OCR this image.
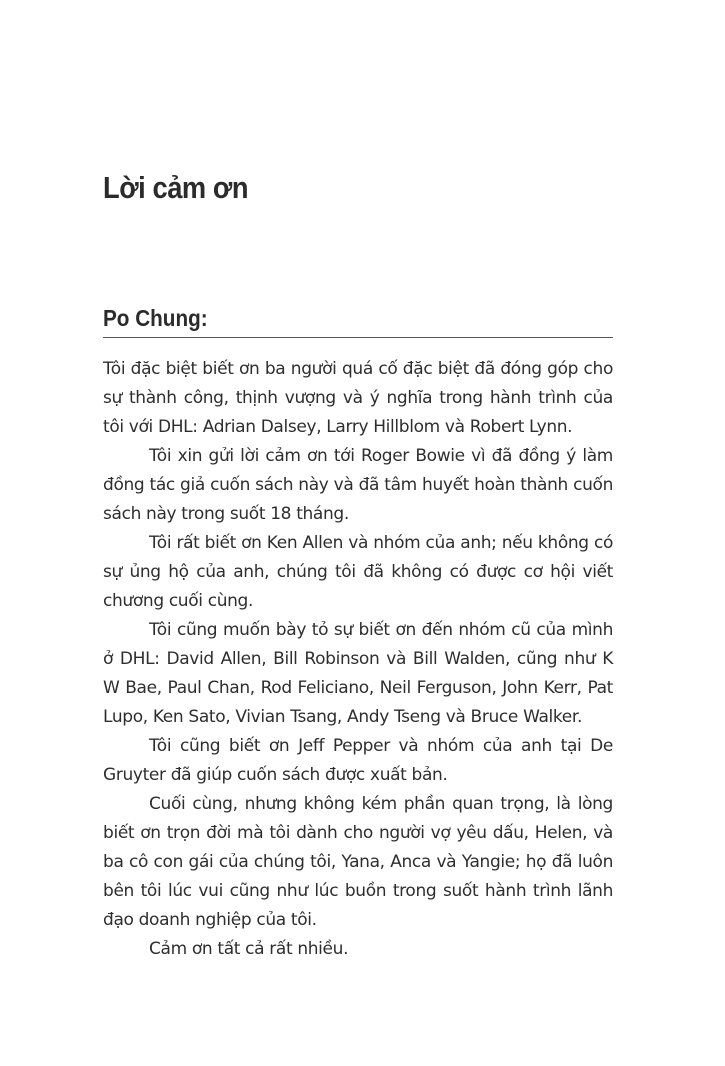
Lời cảm ơn
Po Chung:

Tôi đặc biệt biết ơn ba người quá cố đặc biệt đã đóng góp cho sự thành công, thịnh vượng và ý nghĩa trong hành trình của tôi với DHL: Adrian Dalsey, Larry Hillblom và Robert Lynn.

Tôi xin gửi lời cảm ơn tới Roger Bowie vì đã đồng ý làm đồng tác giả cuốn sách này và đã tâm huyết hoàn thành cuốn sách này trong suốt 18 tháng.

Tôi rất biết ơn Ken Allen và nhóm của anh; nếu không có sự ủng hộ của anh, chúng tôi đã không có được cơ hội viết chương cuối cùng.

Tôi cũng muốn bày tỏ sự biết ơn đến nhóm cũ của mình ở DHL: David Allen, Bill Robinson và Bill Walden, cũng như K W Bae, Paul Chan, Rod Feliciano, Neil Ferguson, John Kerr, Pat Lupo, Ken Sato, Vivian Tsang, Andy Tseng và Bruce Walker.

Tôi cũng biết ơn Jeff Pepper và nhóm của anh tại De Gruyter đã giúp cuốn sách được xuất bản.

Cuối cùng, nhưng không kém phần quan trọng, là lòng biết ơn trọn đời mà tôi dành cho người vợ yêu dấu, Helen, và ba cô con gái của chúng tôi, Yana, Anca và Yangie; họ đã luôn bên tôi lúc vui cũng như lúc buồn trong suốt hành trình lãnh đạo doanh nghiệp của tôi.

Cảm ơn tất cả rất nhiều.
